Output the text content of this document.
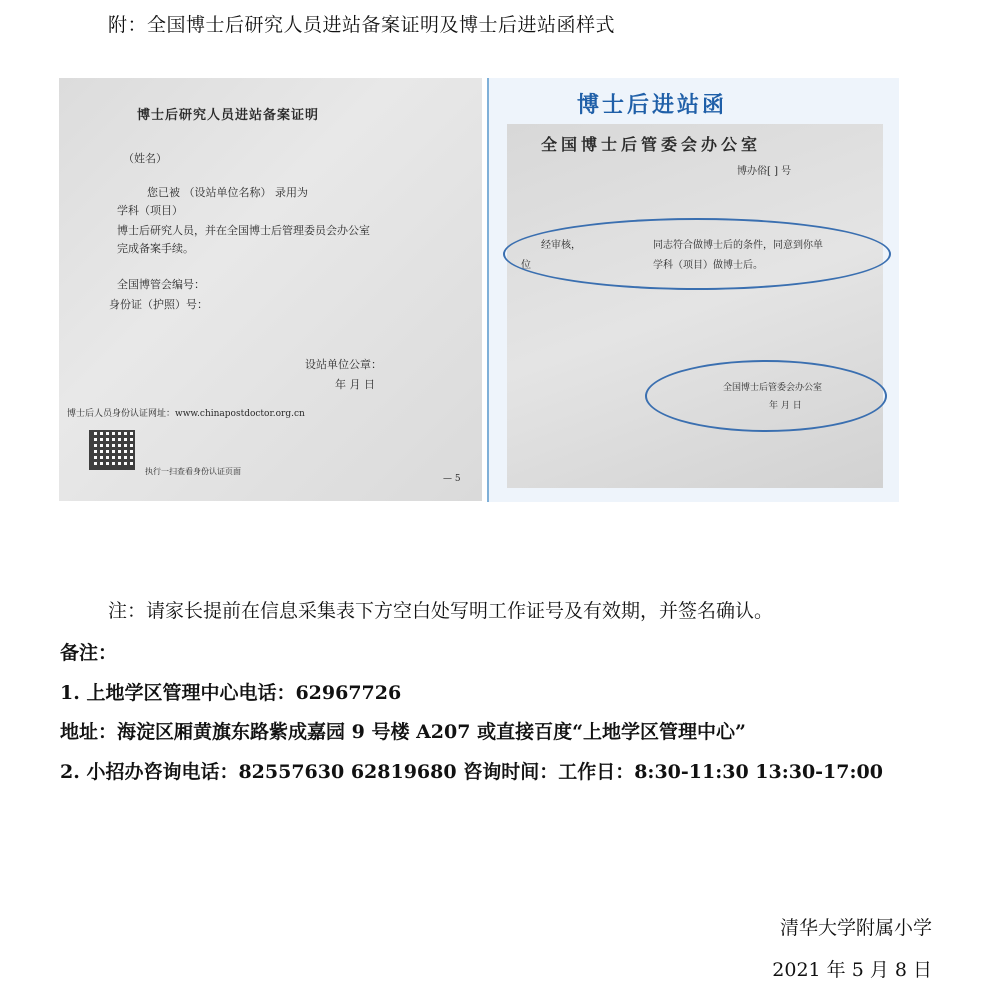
附：全国博士后研究人员进站备案证明及博士后进站函样式
博士后研究人员进站备案证明
（姓名）
您已被 （设站单位名称） 录用为
学科（项目）
博士后研究人员，并在全国博士后管理委员会办公室
完成备案手续。
全国博管会编号：
身份证（护照）号：
设站单位公章：
年 月 日
博士后人员身份认证网址：www.chinapostdoctor.org.cn
执行一扫查看身份认证页面
— 5
博士后进站函
全国博士后管委会办公室
博办俗[ ] 号
经审核，	同志符合做博士后的条件，同意到你单
位	学科（项目）做博士后。
全国博士后管委会办公室
年 月 日
注：请家长提前在信息采集表下方空白处写明工作证号及有效期，并签名确认。
备注：
1. 上地学区管理中心电话：62967726
地址：海淀区厢黄旗东路紫成嘉园 9 号楼 A207 或直接百度“上地学区管理中心”
2. 小招办咨询电话：82557630 62819680 咨询时间：工作日：8:30-11:30 13:30-17:00
清华大学附属小学
2021 年 5 月 8 日
